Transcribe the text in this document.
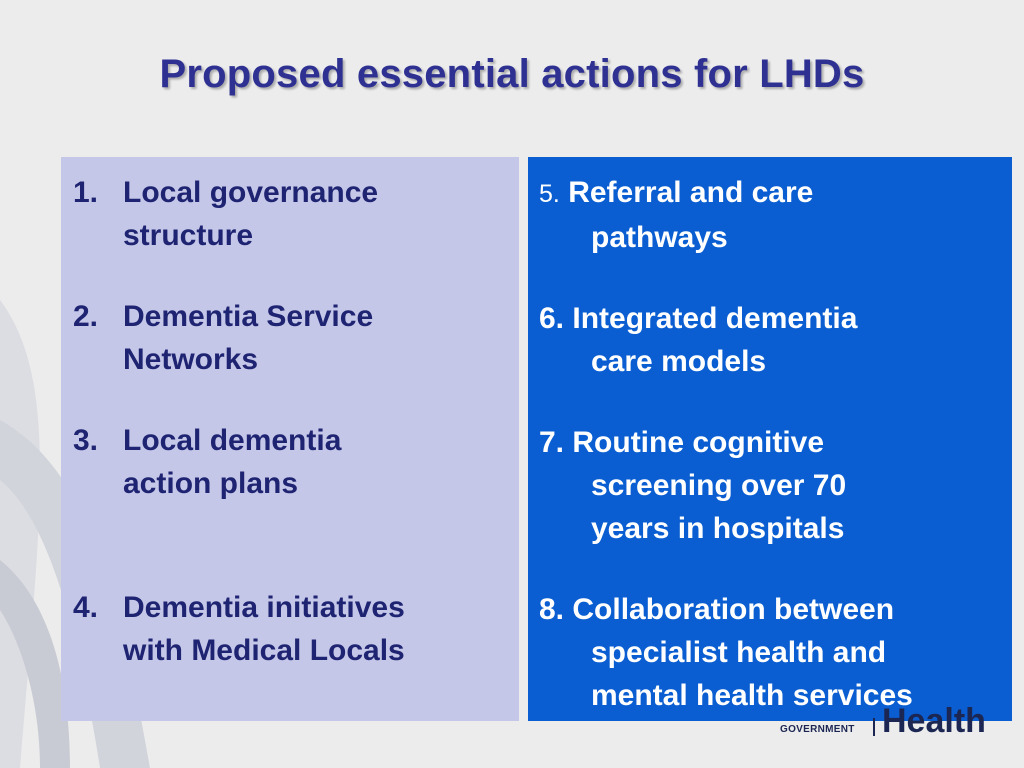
Proposed essential actions for LHDs
1. Local governance
structure
2. Dementia Service
Networks
3. Local dementia
action plans
4. Dementia initiatives
with Medical Locals
5. Referral and care
pathways
6. Integrated dementia
care models
7. Routine cognitive
screening over 70
years in hospitals
8. Collaboration between
specialist health and
mental health services
GOVERNMENT Health
